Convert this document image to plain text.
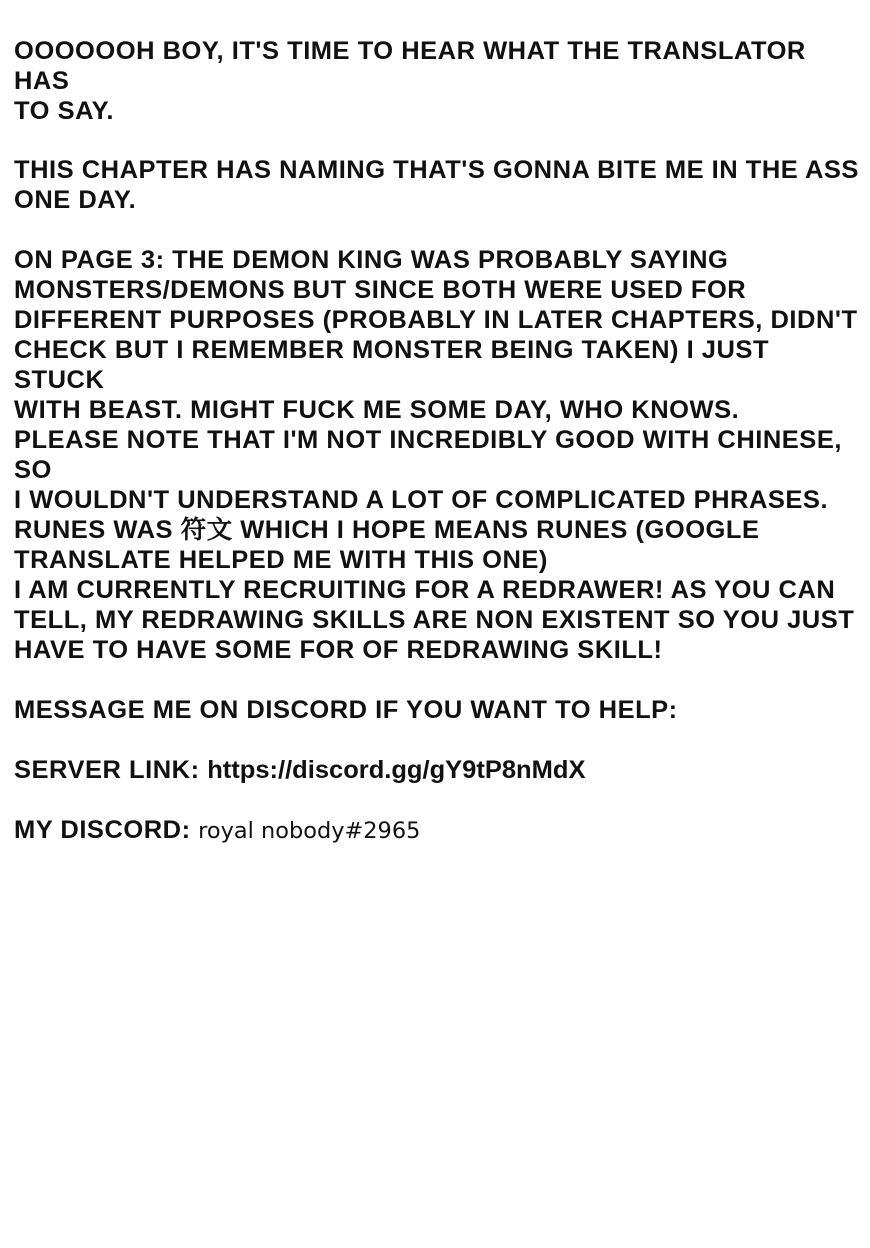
OOOOOOH BOY, IT'S TIME TO HEAR WHAT THE TRANSLATOR HAS
TO SAY.

THIS CHAPTER HAS NAMING THAT'S GONNA BITE ME IN THE ASS
ONE DAY.

ON PAGE 3: THE DEMON KING WAS PROBABLY SAYING
MONSTERS/DEMONS BUT SINCE BOTH WERE USED FOR
DIFFERENT PURPOSES (PROBABLY IN LATER CHAPTERS, DIDN'T
CHECK BUT I REMEMBER MONSTER BEING TAKEN) I JUST STUCK
WITH BEAST. MIGHT FUCK ME SOME DAY, WHO KNOWS.

PLEASE NOTE THAT I'M NOT INCREDIBLY GOOD WITH CHINESE, SO
I WOULDN'T UNDERSTAND A LOT OF COMPLICATED PHRASES.
RUNES WAS 符文 WHICH I HOPE MEANS RUNES (GOOGLE
TRANSLATE HELPED ME WITH THIS ONE)

I AM CURRENTLY RECRUITING FOR A REDRAWER! AS YOU CAN
TELL, MY REDRAWING SKILLS ARE NON EXISTENT SO YOU JUST
HAVE TO HAVE SOME FOR OF REDRAWING SKILL!

MESSAGE ME ON DISCORD IF YOU WANT TO HELP:

SERVER LINK: https://discord.gg/gY9tP8nMdX

MY DISCORD: royal nobody#2965
